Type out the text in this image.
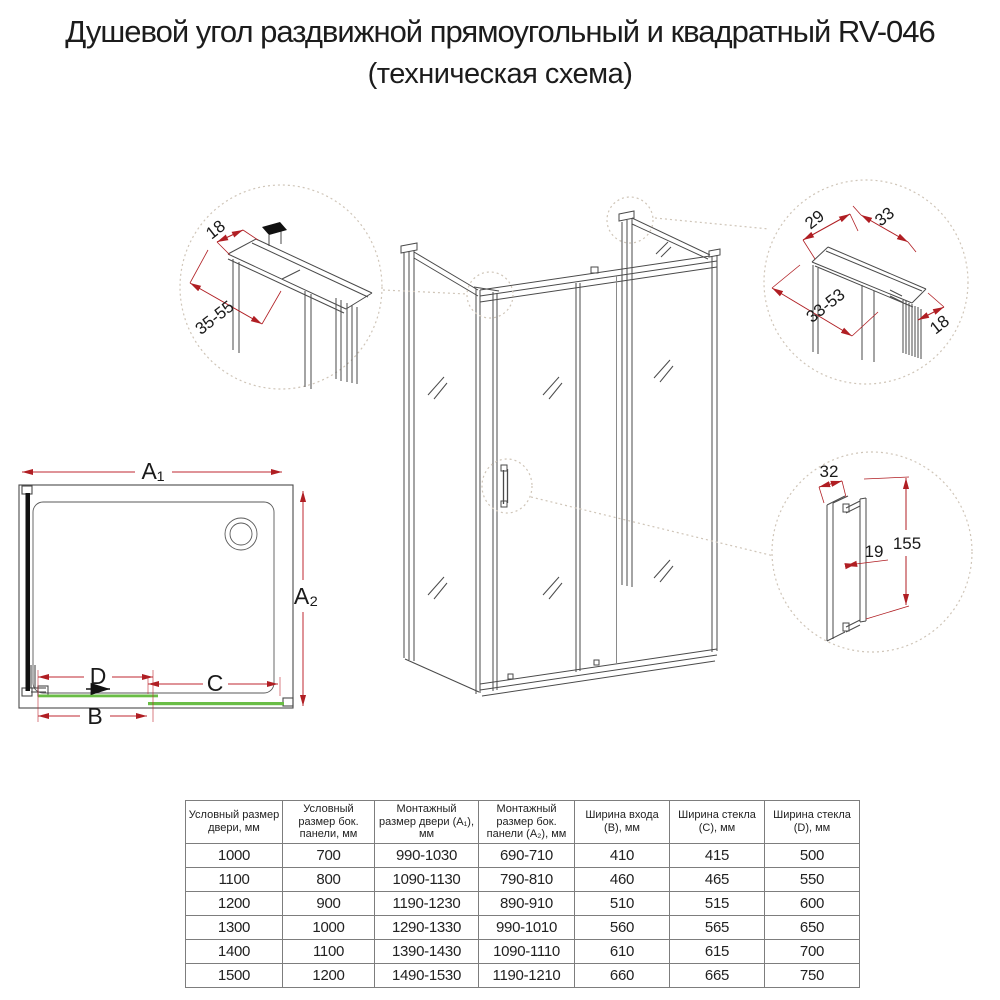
Душевой угол раздвижной прямоугольный и квадратный RV-046
(техническая схема)
18
35-55
29	33
33-53	18
32
155
19
A₁
A₂
D	C
B
Условный размер двери, мм	Условный размер бок. панели, мм	Монтажный размер двери (А₁), мм	Монтажный размер бок. панели (А₂), мм	Ширина входа (В), мм	Ширина стекла (С), мм	Ширина стекла (D), мм
1000	700	990-1030	690-710	410	415	500
1100	800	1090-1130	790-810	460	465	550
1200	900	1190-1230	890-910	510	515	600
1300	1000	1290-1330	990-1010	560	565	650
1400	1100	1390-1430	1090-1110	610	615	700
1500	1200	1490-1530	1190-1210	660	665	750
